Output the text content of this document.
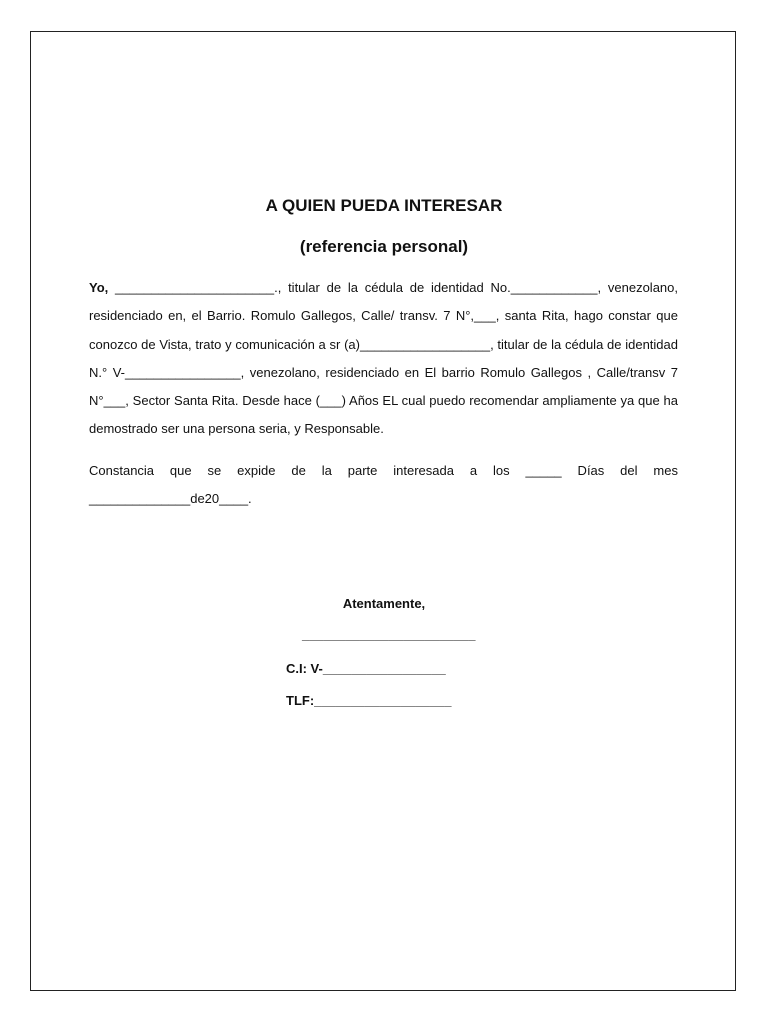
A QUIEN PUEDA INTERESAR
(referencia personal)

Yo, ______________________., titular de la cédula de identidad No.____________, venezolano, residenciado en, el Barrio. Romulo Gallegos, Calle/ transv. 7 N°,___, santa Rita, hago constar que conozco de Vista, trato y comunicación a sr (a)__________________, titular de la cédula de identidad N.° V-________________, venezolano, residenciado en El barrio Romulo Gallegos , Calle/transv 7 N°___, Sector Santa Rita. Desde hace (___) Años EL cual puedo recomendar ampliamente ya que ha demostrado ser una persona seria, y Responsable.

Constancia que se expide de la parte interesada a los _____ Días del mes ______________de20____.

Atentamente,

________________________

C.I: V-_________________

TLF:___________________
